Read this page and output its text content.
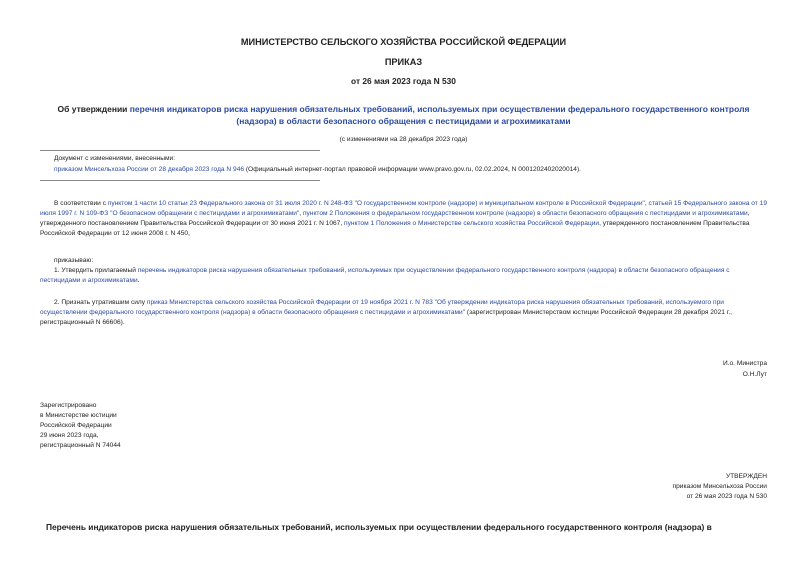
МИНИСТЕРСТВО СЕЛЬСКОГО ХОЗЯЙСТВА РОССИЙСКОЙ ФЕДЕРАЦИИ
ПРИКАЗ
от 26 мая 2023 года N 530
Об утверждении перечня индикаторов риска нарушения обязательных требований, используемых при осуществлении федерального государственного контроля (надзора) в области безопасного обращения с пестицидами и агрохимикатами
(с изменениями на 28 декабря 2023 года)
Документ с изменениями, внесенными:
приказом Минсельхоза России от 28 декабря 2023 года N 946 (Официальный интернет-портал правовой информации www.pravo.gov.ru, 02.02.2024, N 0001202402020014).

В соответствии с пунктом 1 части 10 статьи 23 Федерального закона от 31 июля 2020 г. N 248-ФЗ "О государственном контроле (надзоре) и муниципальном контроле в Российской Федерации", статьей 15 Федерального закона от 19 июля 1997 г. N 109-ФЗ "О безопасном обращении с пестицидами и агрохимикатами", пунктом 2 Положения о федеральном государственном контроле (надзоре) в области безопасного обращения с пестицидами и агрохимикатами, утвержденного постановлением Правительства Российской Федерации от 30 июня 2021 г. N 1067, пунктом 1 Положения о Министерстве сельского хозяйства Российской Федерации, утвержденного постановлением Правительства Российской Федерации от 12 июня 2008 г. N 450,

приказываю:

1. Утвердить прилагаемый перечень индикаторов риска нарушения обязательных требований, используемых при осуществлении федерального государственного контроля (надзора) в области безопасного обращения с пестицидами и агрохимикатами.

2. Признать утратившим силу приказ Министерства сельского хозяйства Российской Федерации от 19 ноября 2021 г. N 783 "Об утверждении индикатора риска нарушения обязательных требований, используемого при осуществлении федерального государственного контроля (надзора) в области безопасного обращения с пестицидами и агрохимикатами" (зарегистрирован Министерством юстиции Российской Федерации 28 декабря 2021 г., регистрационный N 66606).

И.о. Министра
О.Н.Лут
Зарегистрировано
в Министерстве юстиции
Российской Федерации
29 июня 2023 года,
регистрационный N 74044
УТВЕРЖДЕН
приказом Минсельхоза России
от 26 мая 2023 года N 530
Перечень индикаторов риска нарушения обязательных требований, используемых при осуществлении федерального государственного контроля (надзора) в
